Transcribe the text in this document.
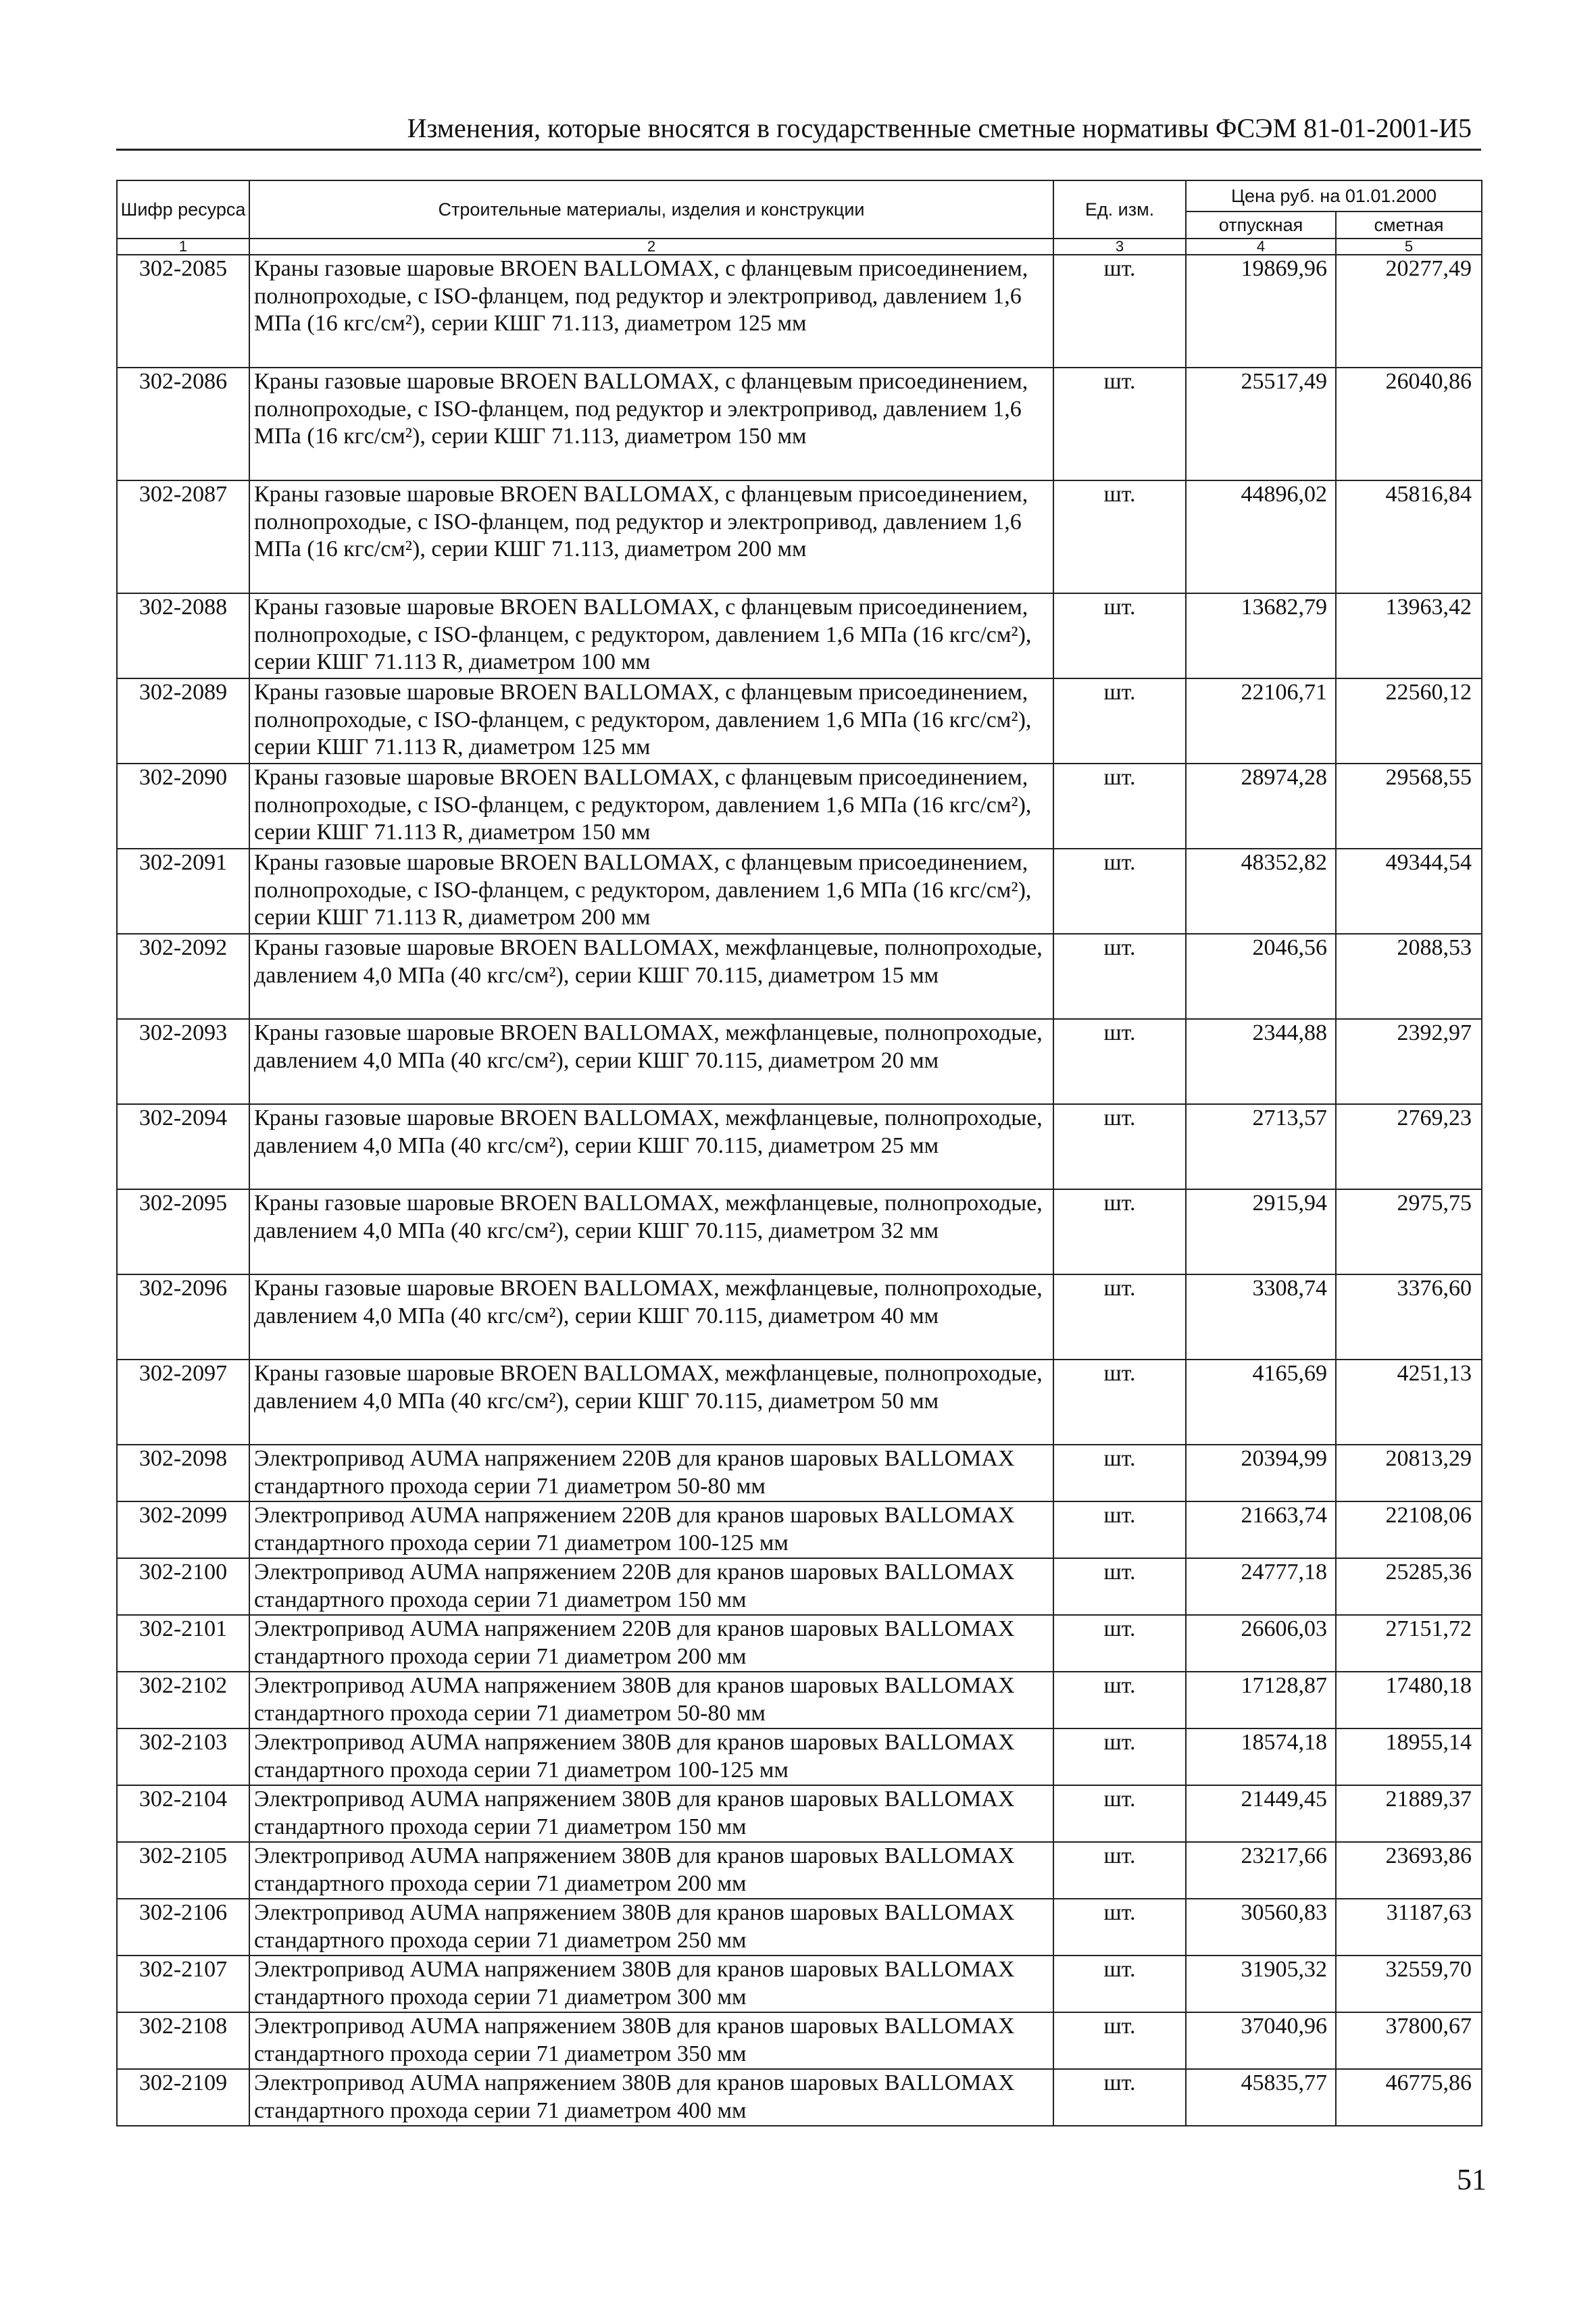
Изменения, которые вносятся в государственные сметные нормативы ФСЭМ 81-01-2001-И5
Шифр ресурса	Строительные материалы, изделия и конструкции	Ед. изм.	Цена руб. на 01.01.2000	
			отпускная	сметная
1	2	3	4	5
302-2085	Краны газовые шаровые BROEN BALLOMAX, с фланцевым присоединением, полнопроходые, с ISO-фланцем, под редуктор и электропривод, давлением 1,6 МПа (16 кгс/см²), серии КШГ 71.113, диаметром 125 мм	шт.	19869,96	20277,49
302-2086	Краны газовые шаровые BROEN BALLOMAX, с фланцевым присоединением, полнопроходые, с ISO-фланцем, под редуктор и электропривод, давлением 1,6 МПа (16 кгс/см²), серии КШГ 71.113, диаметром 150 мм	шт.	25517,49	26040,86
302-2087	Краны газовые шаровые BROEN BALLOMAX, с фланцевым присоединением, полнопроходые, с ISO-фланцем, под редуктор и электропривод, давлением 1,6 МПа (16 кгс/см²), серии КШГ 71.113, диаметром 200 мм	шт.	44896,02	45816,84
302-2088	Краны газовые шаровые BROEN BALLOMAX, с фланцевым присоединением, полнопроходые, с ISO-фланцем, с редуктором, давлением 1,6 МПа (16 кгс/см²), серии КШГ 71.113 R, диаметром 100 мм	шт.	13682,79	13963,42
302-2089	Краны газовые шаровые BROEN BALLOMAX, с фланцевым присоединением, полнопроходые, с ISO-фланцем, с редуктором, давлением 1,6 МПа (16 кгс/см²), серии КШГ 71.113 R, диаметром 125 мм	шт.	22106,71	22560,12
302-2090	Краны газовые шаровые BROEN BALLOMAX, с фланцевым присоединением, полнопроходые, с ISO-фланцем, с редуктором, давлением 1,6 МПа (16 кгс/см²), серии КШГ 71.113 R, диаметром 150 мм	шт.	28974,28	29568,55
302-2091	Краны газовые шаровые BROEN BALLOMAX, с фланцевым присоединением, полнопроходые, с ISO-фланцем, с редуктором, давлением 1,6 МПа (16 кгс/см²), серии КШГ 71.113 R, диаметром 200 мм	шт.	48352,82	49344,54
302-2092	Краны газовые шаровые BROEN BALLOMAX, межфланцевые, полнопроходые, давлением 4,0 МПа (40 кгс/см²), серии КШГ 70.115, диаметром 15 мм	шт.	2046,56	2088,53
302-2093	Краны газовые шаровые BROEN BALLOMAX, межфланцевые, полнопроходые, давлением 4,0 МПа (40 кгс/см²), серии КШГ 70.115, диаметром 20 мм	шт.	2344,88	2392,97
302-2094	Краны газовые шаровые BROEN BALLOMAX, межфланцевые, полнопроходые, давлением 4,0 МПа (40 кгс/см²), серии КШГ 70.115, диаметром 25 мм	шт.	2713,57	2769,23
302-2095	Краны газовые шаровые BROEN BALLOMAX, межфланцевые, полнопроходые, давлением 4,0 МПа (40 кгс/см²), серии КШГ 70.115, диаметром 32 мм	шт.	2915,94	2975,75
302-2096	Краны газовые шаровые BROEN BALLOMAX, межфланцевые, полнопроходые, давлением 4,0 МПа (40 кгс/см²), серии КШГ 70.115, диаметром 40 мм	шт.	3308,74	3376,60
302-2097	Краны газовые шаровые BROEN BALLOMAX, межфланцевые, полнопроходые, давлением 4,0 МПа (40 кгс/см²), серии КШГ 70.115, диаметром 50 мм	шт.	4165,69	4251,13
302-2098	Электропривод AUMA напряжением 220В для кранов шаровых BALLOMAX стандартного прохода серии 71 диаметром 50-80 мм	шт.	20394,99	20813,29
302-2099	Электропривод AUMA напряжением 220В для кранов шаровых BALLOMAX стандартного прохода серии 71 диаметром 100-125 мм	шт.	21663,74	22108,06
302-2100	Электропривод AUMA напряжением 220В для кранов шаровых BALLOMAX стандартного прохода серии 71 диаметром 150 мм	шт.	24777,18	25285,36
302-2101	Электропривод AUMA напряжением 220В для кранов шаровых BALLOMAX стандартного прохода серии 71 диаметром 200 мм	шт.	26606,03	27151,72
302-2102	Электропривод AUMA напряжением 380В для кранов шаровых BALLOMAX стандартного прохода серии 71 диаметром 50-80 мм	шт.	17128,87	17480,18
302-2103	Электропривод AUMA напряжением 380В для кранов шаровых BALLOMAX стандартного прохода серии 71 диаметром 100-125 мм	шт.	18574,18	18955,14
302-2104	Электропривод AUMA напряжением 380В для кранов шаровых BALLOMAX стандартного прохода серии 71 диаметром 150 мм	шт.	21449,45	21889,37
302-2105	Электропривод AUMA напряжением 380В для кранов шаровых BALLOMAX стандартного прохода серии 71 диаметром 200 мм	шт.	23217,66	23693,86
302-2106	Электропривод AUMA напряжением 380В для кранов шаровых BALLOMAX стандартного прохода серии 71 диаметром 250 мм	шт.	30560,83	31187,63
302-2107	Электропривод AUMA напряжением 380В для кранов шаровых BALLOMAX стандартного прохода серии 71 диаметром 300 мм	шт.	31905,32	32559,70
302-2108	Электропривод AUMA напряжением 380В для кранов шаровых BALLOMAX стандартного прохода серии 71 диаметром 350 мм	шт.	37040,96	37800,67
302-2109	Электропривод AUMA напряжением 380В для кранов шаровых BALLOMAX стандартного прохода серии 71 диаметром 400 мм	шт.	45835,77	46775,86
51
